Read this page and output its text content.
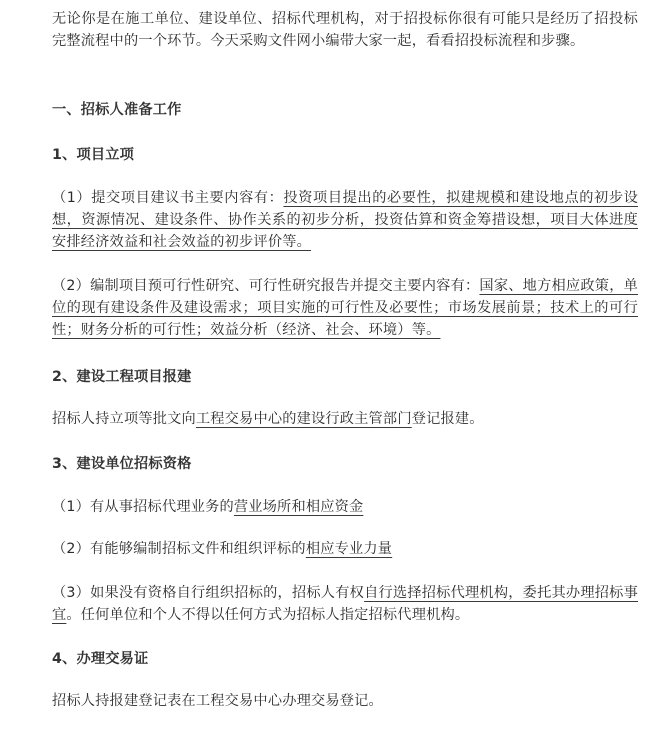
无论你是在施工单位、建设单位、招标代理机构，对于招投标你很有可能只是经历了招投标完整流程中的一个环节。今天采购文件网小编带大家一起，看看招投标流程和步骤。

一、招标人准备工作

1、项目立项

（1）提交项目建议书主要内容有：投资项目提出的必要性，拟建规模和建设地点的初步设想，资源情况、建设条件、协作关系的初步分析，投资估算和资金筹措设想，项目大体进度安排经济效益和社会效益的初步评价等。

（2）编制项目预可行性研究、可行性研究报告并提交主要内容有：国家、地方相应政策，单位的现有建设条件及建设需求；项目实施的可行性及必要性；市场发展前景；技术上的可行性；财务分析的可行性；效益分析（经济、社会、环境）等。

2、建设工程项目报建

招标人持立项等批文向工程交易中心的建设行政主管部门登记报建。

3、建设单位招标资格

（1）有从事招标代理业务的营业场所和相应资金

（2）有能够编制招标文件和组织评标的相应专业力量

（3）如果没有资格自行组织招标的，招标人有权自行选择招标代理机构，委托其办理招标事宜。任何单位和个人不得以任何方式为招标人指定招标代理机构。

4、办理交易证

招标人持报建登记表在工程交易中心办理交易登记。
